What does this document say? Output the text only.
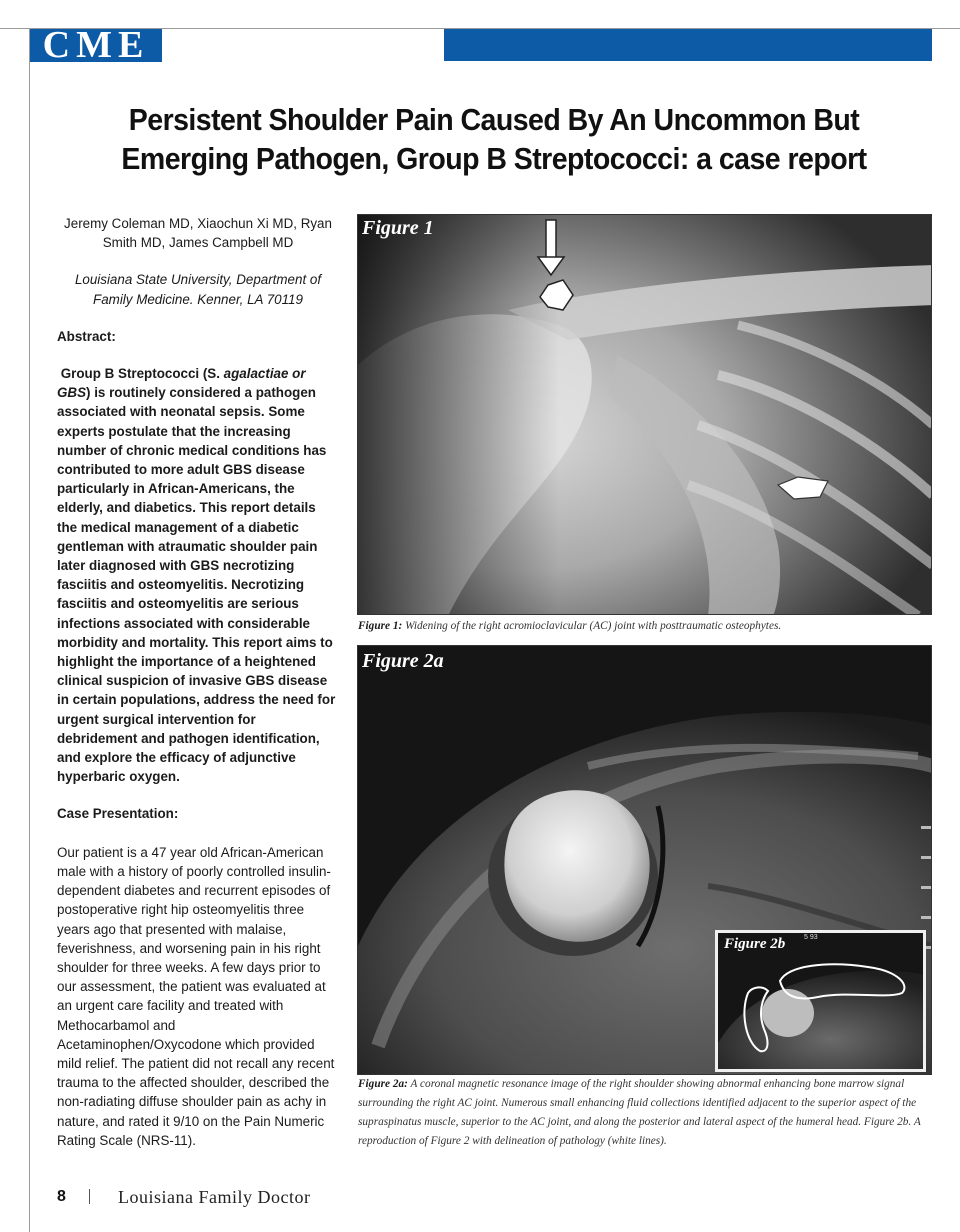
CME
Persistent Shoulder Pain Caused By An Uncommon But Emerging Pathogen, Group B Streptococci: a case report

Jeremy Coleman MD, Xiaochun Xi MD, Ryan Smith MD, James Campbell MD

Louisiana State University, Department of Family Medicine. Kenner, LA 70119

Abstract:

Group B Streptococci (S. agalactiae or GBS) is routinely considered a pathogen associated with neonatal sepsis. Some experts postulate that the increasing number of chronic medical conditions has contributed to more adult GBS disease particularly in African-Americans, the elderly, and diabetics. This report details the medical management of a diabetic gentleman with atraumatic shoulder pain later diagnosed with GBS necrotizing fasciitis and osteomyelitis. Necrotizing fasciitis and osteomyelitis are serious infections associated with considerable morbidity and mortality. This report aims to highlight the importance of a heightened clinical suspicion of invasive GBS disease in certain populations, address the need for urgent surgical intervention for debridement and pathogen identification, and explore the efficacy of adjunctive hyperbaric oxygen.

Case Presentation:

Our patient is a 47 year old African-American male with a history of poorly controlled insulin-dependent diabetes and recurrent episodes of postoperative right hip osteomyelitis three years ago that presented with malaise, feverishness, and worsening pain in his right shoulder for three weeks. A few days prior to our assessment, the patient was evaluated at an urgent care facility and treated with Methocarbamol and Acetaminophen/Oxycodone which provided mild relief. The patient did not recall any recent trauma to the affected shoulder, described the non-radiating diffuse shoulder pain as achy in nature, and rated it 9/10 on the Pain Numeric Rating Scale (NRS-11).

Figure 1
Figure 1: Widening of the right acromioclavicular (AC) joint with posttraumatic osteophytes.
Figure 2a
Figure 2b	5 93
Figure 2a: A coronal magnetic resonance image of the right shoulder showing abnormal enhancing bone marrow signal surrounding the right AC joint. Numerous small enhancing fluid collections identified adjacent to the superior aspect of the supraspinatus muscle, superior to the AC joint, and along the posterior and lateral aspect of the humeral head. Figure 2b. A reproduction of Figure 2 with delineation of pathology (white lines).
8	Louisiana Family Doctor
